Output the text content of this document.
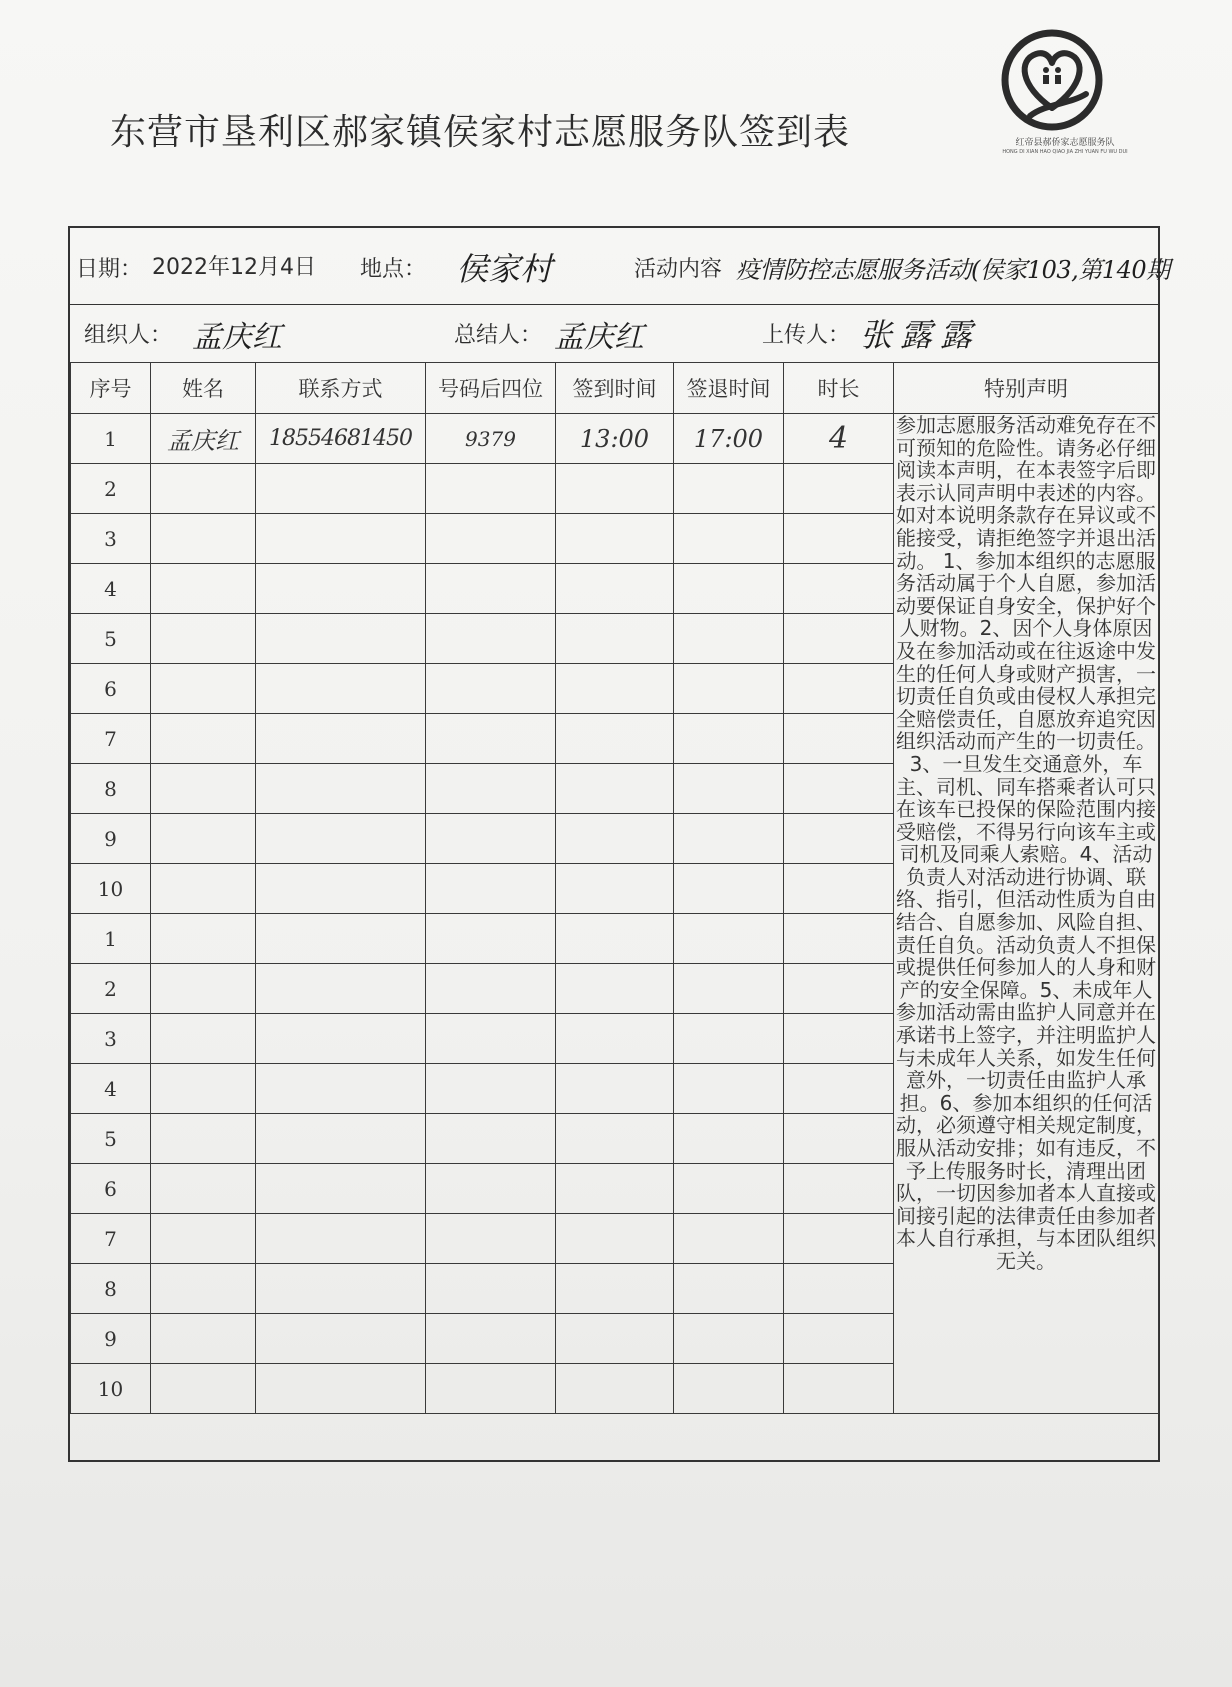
东营市垦利区郝家镇侯家村志愿服务队签到表	红帝县郝侨家志愿服务队
HONG DI XIAN HAO QIAO JIA ZHI YUAN FU WU DUI
日期： 2022年12月4日 地点： 侯家村	活动内容 疫情防控志愿服务活动(侯家103,第140期
组织人： 孟庆红	总结人： 孟庆红	上传人： 张露露
序号	姓名	联系方式	号码后四位	签到时间	签退时间	时长	特别声明
1	孟庆红	18554681450	9379	13:00	17:00	4	参加志愿服务活动难免存在不可预知的危险性。请务必仔细阅读本声明，在本表签字后即表示认同声明中表述的内容。如对本说明条款存在异议或不能接受，请拒绝签字并退出活动。 1、参加本组织的志愿服务活动属于个人自愿，参加活动要保证自身安全，保护好个人财物。2、因个人身体原因及在参加活动或在往返途中发生的任何人身或财产损害，一切责任自负或由侵权人承担完全赔偿责任，自愿放弃追究因组织活动而产生的一切责任。3、一旦发生交通意外，车主、司机、同车搭乘者认可只在该车已投保的保险范围内接受赔偿，不得另行向该车主或司机及同乘人索赔。4、活动负责人对活动进行协调、联络、指引，但活动性质为自由结合、自愿参加、风险自担、责任自负。活动负责人不担保或提供任何参加人的人身和财产的安全保障。5、未成年人参加活动需由监护人同意并在承诺书上签字，并注明监护人与未成年人关系，如发生任何意外，一切责任由监护人承担。6、参加本组织的任何活动，必须遵守相关规定制度，服从活动安排；如有违反，不予上传服务时长，清理出团队，一切因参加者本人直接或间接引起的法律责任由参加者本人自行承担，与本团队组织无关。
2							
3							
4							
5							
6							
7							
8							
9							
10							
1							
2							
3							
4							
5							
6							
7							
8							
9							
10							
